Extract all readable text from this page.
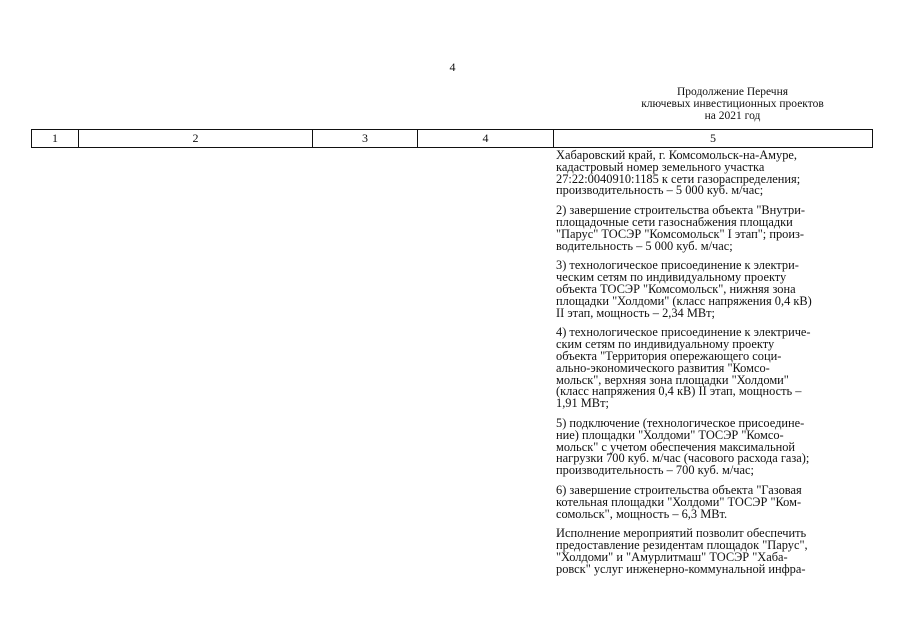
4
Продолжение Перечня
ключевых инвестиционных проектов
на 2021 год
1	2	3	4	5
Хабаровский край, г. Комсомольск-на-Амуре,
кадастровый номер земельного участка
27:22:0040910:1185 к сети газораспределения;
производительность – 5 000 куб. м/час;
2) завершение строительства объекта "Внутри-
площадочные сети газоснабжения площадки
"Парус" ТОСЭР "Комсомольск" I этап"; произ-
водительность – 5 000 куб. м/час;
3) технологическое присоединение к электри-
ческим сетям по индивидуальному проекту
объекта ТОСЭР "Комсомольск", нижняя зона
площадки "Холдоми" (класс напряжения 0,4 кВ)
II этап, мощность – 2,34 МВт;
4) технологическое присоединение к электриче-
ским сетям по индивидуальному проекту
объекта "Территория опережающего соци-
ально-экономического развития "Комсо-
мольск", верхняя зона площадки "Холдоми"
(класс напряжения 0,4 кВ) II этап, мощность –
1,91 МВт;
5) подключение (технологическое присоедине-
ние) площадки "Холдоми" ТОСЭР "Комсо-
мольск" с учетом обеспечения максимальной
нагрузки 700 куб. м/час (часового расхода газа);
производительность – 700 куб. м/час;
6) завершение строительства объекта "Газовая
котельная площадки "Холдоми" ТОСЭР "Ком-
сомольск", мощность – 6,3 МВт.
Исполнение мероприятий позволит обеспечить
предоставление резидентам площадок "Парус",
"Холдоми" и "Амурлитмаш" ТОСЭР "Хаба-
ровск" услуг инженерно-коммунальной инфра-
